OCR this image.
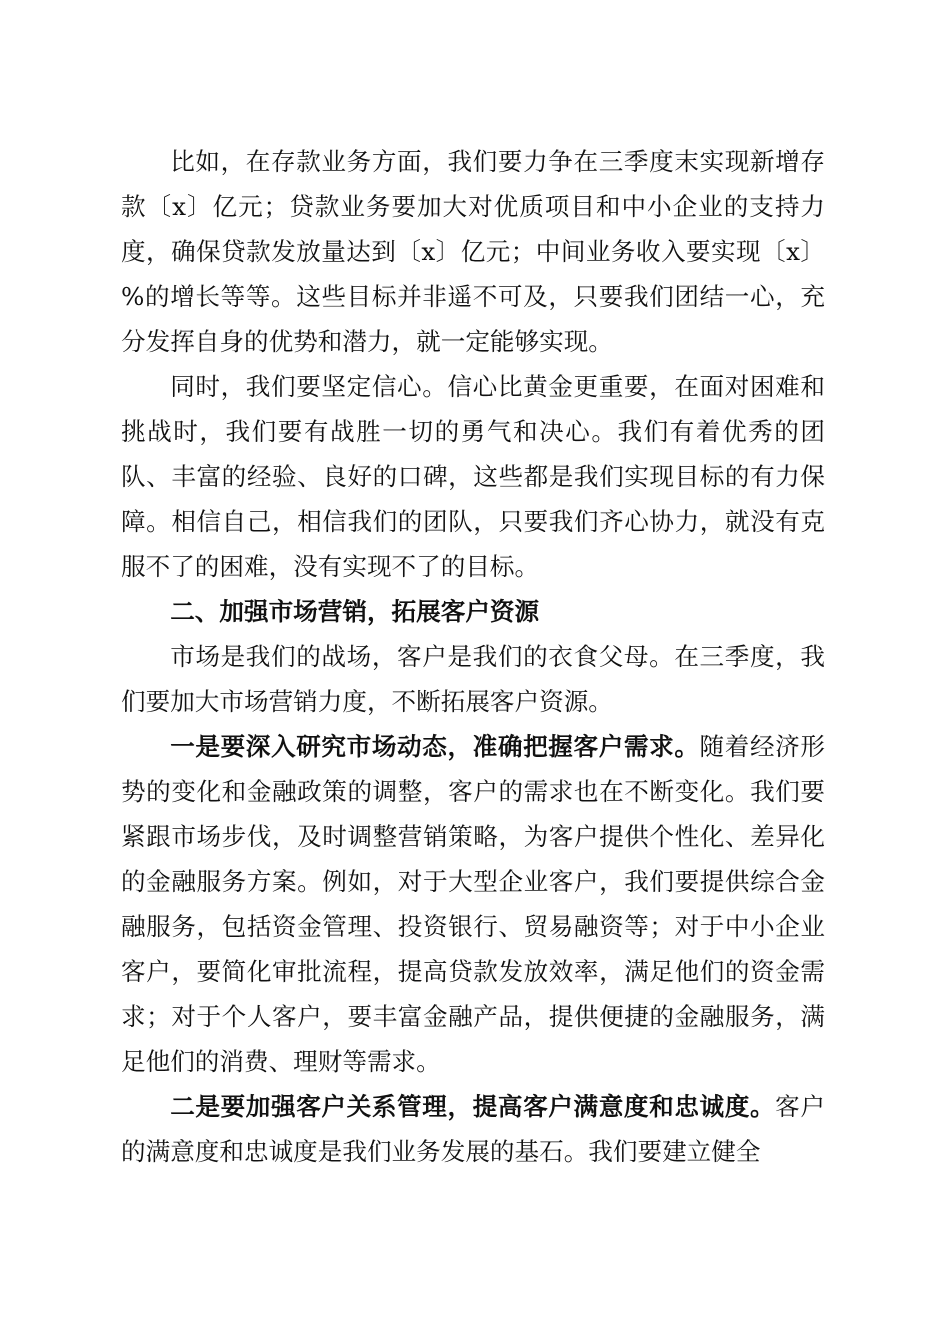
比如，在存款业务方面，我们要力争在三季度末实现新增存款〔x〕亿元；贷款业务要加大对优质项目和中小企业的支持力度，确保贷款发放量达到〔x〕亿元；中间业务收入要实现〔x〕%的增长等等。这些目标并非遥不可及，只要我们团结一心，充分发挥自身的优势和潜力，就一定能够实现。

同时，我们要坚定信心。信心比黄金更重要，在面对困难和挑战时，我们要有战胜一切的勇气和决心。我们有着优秀的团队、丰富的经验、良好的口碑，这些都是我们实现目标的有力保障。相信自己，相信我们的团队，只要我们齐心协力，就没有克服不了的困难，没有实现不了的目标。

二、加强市场营销，拓展客户资源

市场是我们的战场，客户是我们的衣食父母。在三季度，我们要加大市场营销力度，不断拓展客户资源。

一是要深入研究市场动态，准确把握客户需求。随着经济形势的变化和金融政策的调整，客户的需求也在不断变化。我们要紧跟市场步伐，及时调整营销策略，为客户提供个性化、差异化的金融服务方案。例如，对于大型企业客户，我们要提供综合金融服务，包括资金管理、投资银行、贸易融资等；对于中小企业客户，要简化审批流程，提高贷款发放效率，满足他们的资金需求；对于个人客户，要丰富金融产品，提供便捷的金融服务，满足他们的消费、理财等需求。

二是要加强客户关系管理，提高客户满意度和忠诚度。客户的满意度和忠诚度是我们业务发展的基石。我们要建立健全
